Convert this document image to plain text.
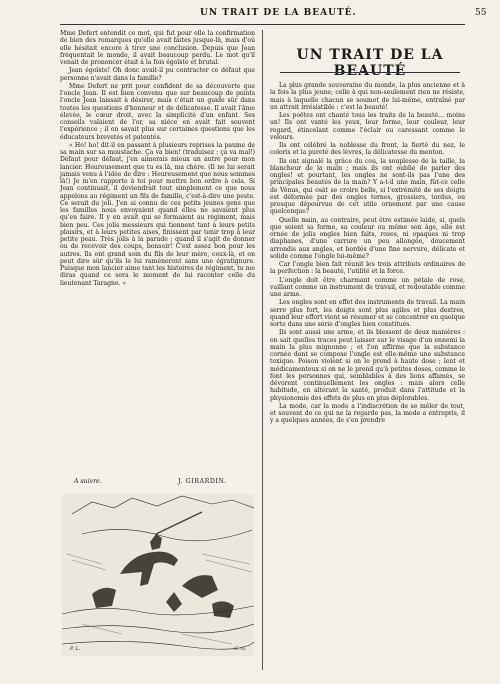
UN TRAIT DE LA BEAUTÉ.	55

Mme Defert entendit ce mot, qui fut pour elle la confirmation de bien des remarques qu'elle avait faites jusque-là, mais d'où elle hésitait encore à tirer une conclusion. Depuis que Jean fréquentait le monde, il avait beaucoup perdu. Le mot qu'il venait de prononcer était à la fois égoïste et brutal.

Jean égoïste! Oh donc avait-il pu contracter ce défaut que personne n'avait dans la famille?

Mme Defert ne prit pour confident de sa découverte que l'oncle Jean. Il est bien convenu que sur beaucoup de points l'oncle Jean laissait à désirer, mais c'était un guide sûr dans toutes les questions d'honneur et de délicatesse. Il avait l'âme élevée, le cœur droit, avec la simplicité d'un enfant. Ses conseils valaient de l'or, sa nièce en avait fait souvent l'expérience ; il en savait plus sur certaines questions que les éducateurs brevetés et patentés.

« Ho! ho! dit-il en passant à plusieurs reprises la paume de sa main sur sa moustache. Ça va bien! (traduisez : ça va mal!) Défaut pour défaut, j'en aimerais mieux un autre pour mon lancier. Heureusement que tu es là, ma chère. (Il ne lui serait jamais venu à l'idée de dire : Heureusement que nous sommes là!) Je m'en rapporte à toi pour mettre bon ordre à cela. Si Jean continuait, il deviendrait tout simplement ce que nous appelons au régiment un fils de famille, c'est-à-dire une peste. Ce serait du joli. J'en ai connu de ces petits jeunes gens que les familles nous envoyaient quand elles ne savaient plus qu'en faire. Il y en avait qui se formaient au régiment, mais bien peu. Ces jolis messieurs qui tiennent tant à leurs petits plaisirs, et à leurs petites aises, finissent par tenir trop à leur petite peau. Très jolis à la parade ; quand il s'agit de donner ou de recevoir des coups, bonsoir! C'est assez bon pour les autres. Ils ont grand soin du fils de leur mère, ceux-là, et on peut dire sûr qu'ils le lui ramèneront sans une égratignure. Puisque mon lancier aime tant les histoires de régiment, tu me diras quand ce sera le moment de lui raconter celle du lieutenant Taragne. »

A suivre.	J. GIRARDIN.
P. L.	C. G.
UN TRAIT DE LA BEAUTÉ

La plus grande souveraine du monde, la plus ancienne et à la fois la plus jeune; celle à qui non-seulement rien ne résiste, mais à laquelle chacun se soumet de lui-même, entraîné par un attrait irrésistible : c'est la beauté!

Les poëtes ont chanté tous les traits de la beauté... moins un! Ils ont vanté les yeux, leur forme, leur couleur, leur regard, étincelant comme l'éclair ou caressant comme le velours.

Ils ont célébré la noblesse du front, la fierté du nez, le coloris et la pureté des lèvres, la délicatesse du menton.

Ils ont signalé la grâce du cou, la souplesse de la taille, la blancheur de la main ; mais ils ont oublié de parler des ongles! et pourtant, les ongles ne sont-ils pas l'une des principales beautés de la main? Y a-t-il une main, fût-ce celle de Vénus, qui osât se croire belle, si l'extrémité de ses doigts est déformée par des ongles ternes, grossiers, tordus, ou presque dépourvue de cet utile ornement par une cause quelconque?

Quelle main, au contraire, peut être estimée laide, si, quels que soient sa forme, sa couleur ou même son âge, elle est ornée de jolis ongles bien faits, roses, ni opaques ni trop diaphanes, d'une carrure un peu allongée, doucement arrondis aux angles, et bordés d'une fine nervure, délicate et solide comme l'ongle lui-même?

Car l'ongle bien fait réunit les trois attributs ordinaires de la perfection : la beauté, l'utilité et la force.

L'ongle doit être charmant comme un pétale de rose, vaillant comme un instrument de travail, et redoutable comme une arme.

Les ongles sont en effet des instruments de travail. La main serre plus fort, les doigts sont plus agiles et plus dextres, quand leur effort vient se résumer et se concentrer en quelque sorte dans une série d'ongles bien constitués.

Ils sont aussi une arme, et ils blessent de deux manières : on sait quelles traces peut laisser sur le visage d'un ennemi la main la plus mignonne ; et l'on affirme que la substance cornée dont se compose l'ongle est elle-même une substance toxique. Poison violent si on le prend à haute dose ; lent et médicamenteux si on ne le prend qu'à petites doses, comme le font les personnes qui, semblables à des lions affamés, se dévorent continuellement les ongles : mais alors celle habitude, en altérant la santé, produit dans l'attitude et la physionomie des effets de plus en plus déplorables.

La mode, car la mode a l'indiscrétion de se mêler de tout, et souvent de ce qui ne la regarde pas, la mode a entrepris, il y a quelques années, de s'en prendre
